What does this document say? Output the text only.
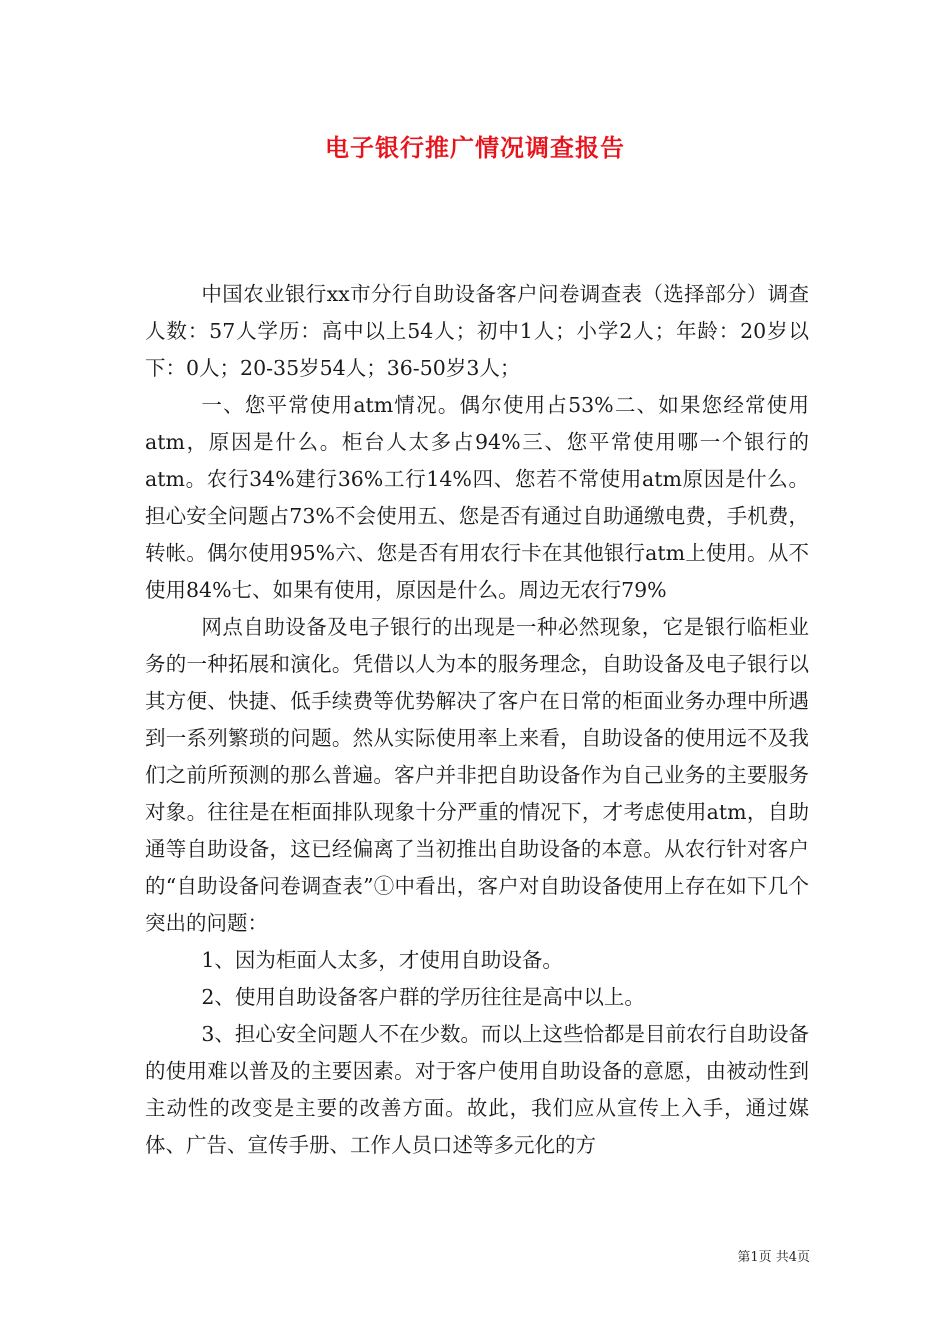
电子银行推广情况调查报告

中国农业银行xx市分行自助设备客户问卷调查表（选择部分）调查人数：57人学历：高中以上54人；初中1人；小学2人；年龄：20岁以下：0人；20-35岁54人；36-50岁3人；

一、您平常使用atm情况。偶尔使用占53%二、如果您经常使用atm，原因是什么。柜台人太多占94%三、您平常使用哪一个银行的atm。农行34%建行36%工行14%四、您若不常使用atm原因是什么。担心安全问题占73%不会使用五、您是否有通过自助通缴电费，手机费，转帐。偶尔使用95%六、您是否有用农行卡在其他银行atm上使用。从不使用84%七、如果有使用，原因是什么。周边无农行79%

网点自助设备及电子银行的出现是一种必然现象，它是银行临柜业务的一种拓展和演化。凭借以人为本的服务理念，自助设备及电子银行以其方便、快捷、低手续费等优势解决了客户在日常的柜面业务办理中所遇到一系列繁琐的问题。然从实际使用率上来看，自助设备的使用远不及我们之前所预测的那么普遍。客户并非把自助设备作为自己业务的主要服务对象。往往是在柜面排队现象十分严重的情况下，才考虑使用atm，自助通等自助设备，这已经偏离了当初推出自助设备的本意。从农行针对客户的“自助设备问卷调查表”①中看出，客户对自助设备使用上存在如下几个突出的问题：

1、因为柜面人太多，才使用自助设备。

2、使用自助设备客户群的学历往往是高中以上。

3、担心安全问题人不在少数。而以上这些恰都是目前农行自助设备的使用难以普及的主要因素。对于客户使用自助设备的意愿，由被动性到主动性的改变是主要的改善方面。故此，我们应从宣传上入手，通过媒体、广告、宣传手册、工作人员口述等多元化的方

第1页 共4页
